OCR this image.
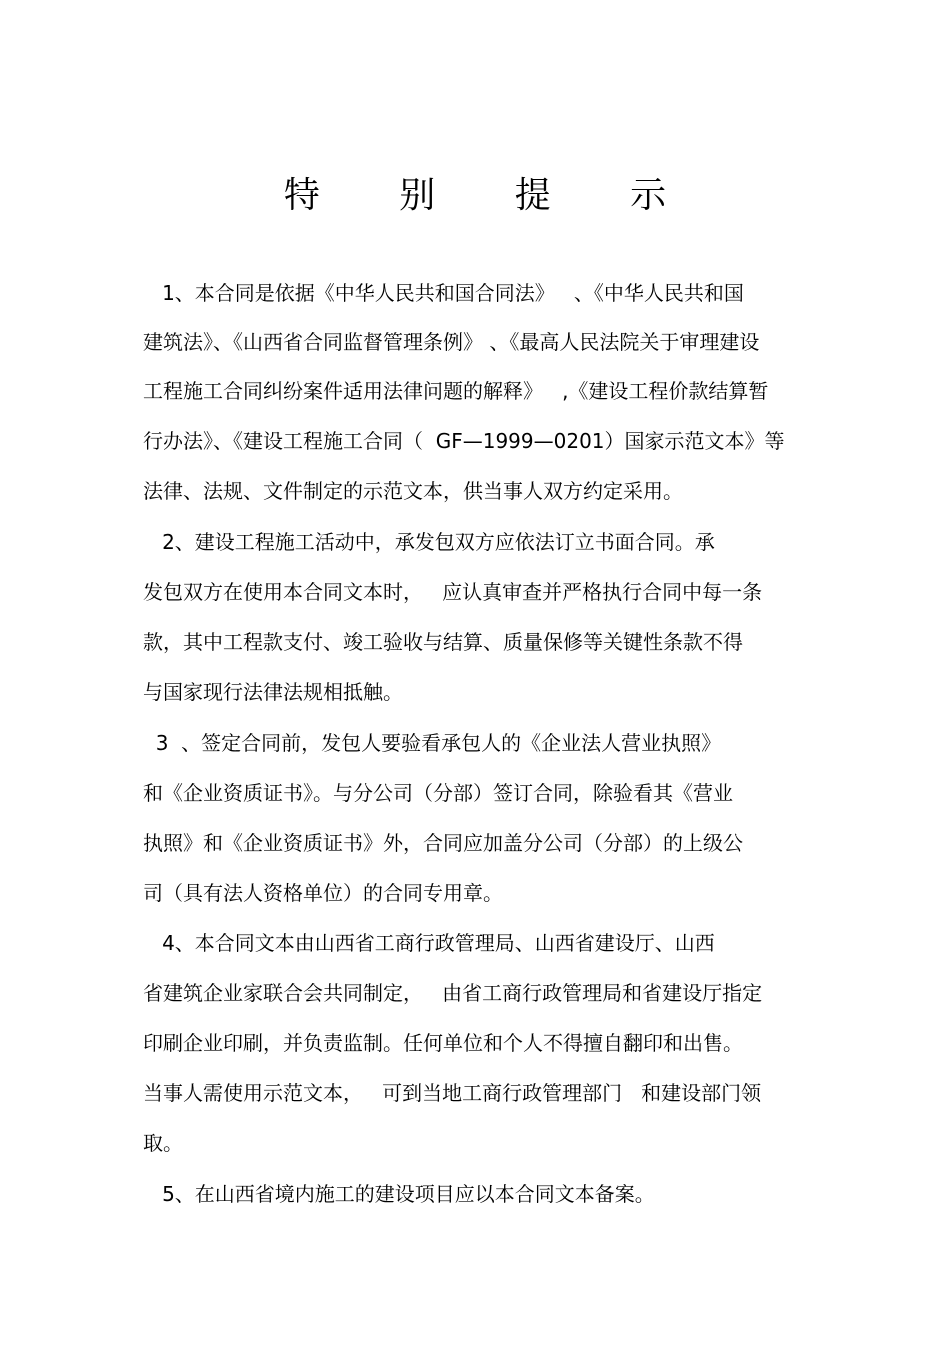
特 别 提 示

1、本合同是依据《中华人民共和国合同法》   、《中华人民共和国

建筑法》、《山西省合同监督管理条例》 、《最高人民法院关于审理建设

工程施工合同纠纷案件适用法律问题的解释》   ,《建设工程价款结算暂

行办法》、《建设工程施工合同（  GF—1999—0201）国家示范文本》等

法律、法规、文件制定的示范文本，供当事人双方约定采用。

2、建设工程施工活动中，承发包双方应依法订立书面合同。承

发包双方在使用本合同文本时，   应认真审查并严格执行合同中每一条

款，其中工程款支付、竣工验收与结算、质量保修等关键性条款不得

与国家现行法律法规相抵触。

3  、签定合同前，发包人要验看承包人的《企业法人营业执照》

和《企业资质证书》。与分公司（分部）签订合同，除验看其《营业

执照》和《企业资质证书》外，合同应加盖分公司（分部）的上级公

司（具有法人资格单位）的合同专用章。

4、本合同文本由山西省工商行政管理局、山西省建设厅、山西

省建筑企业家联合会共同制定，   由省工商行政管理局和省建设厅指定

印刷企业印刷，并负责监制。任何单位和个人不得擅自翻印和出售。

当事人需使用示范文本，   可到当地工商行政管理部门   和建设部门领

取。

5、在山西省境内施工的建设项目应以本合同文本备案。
